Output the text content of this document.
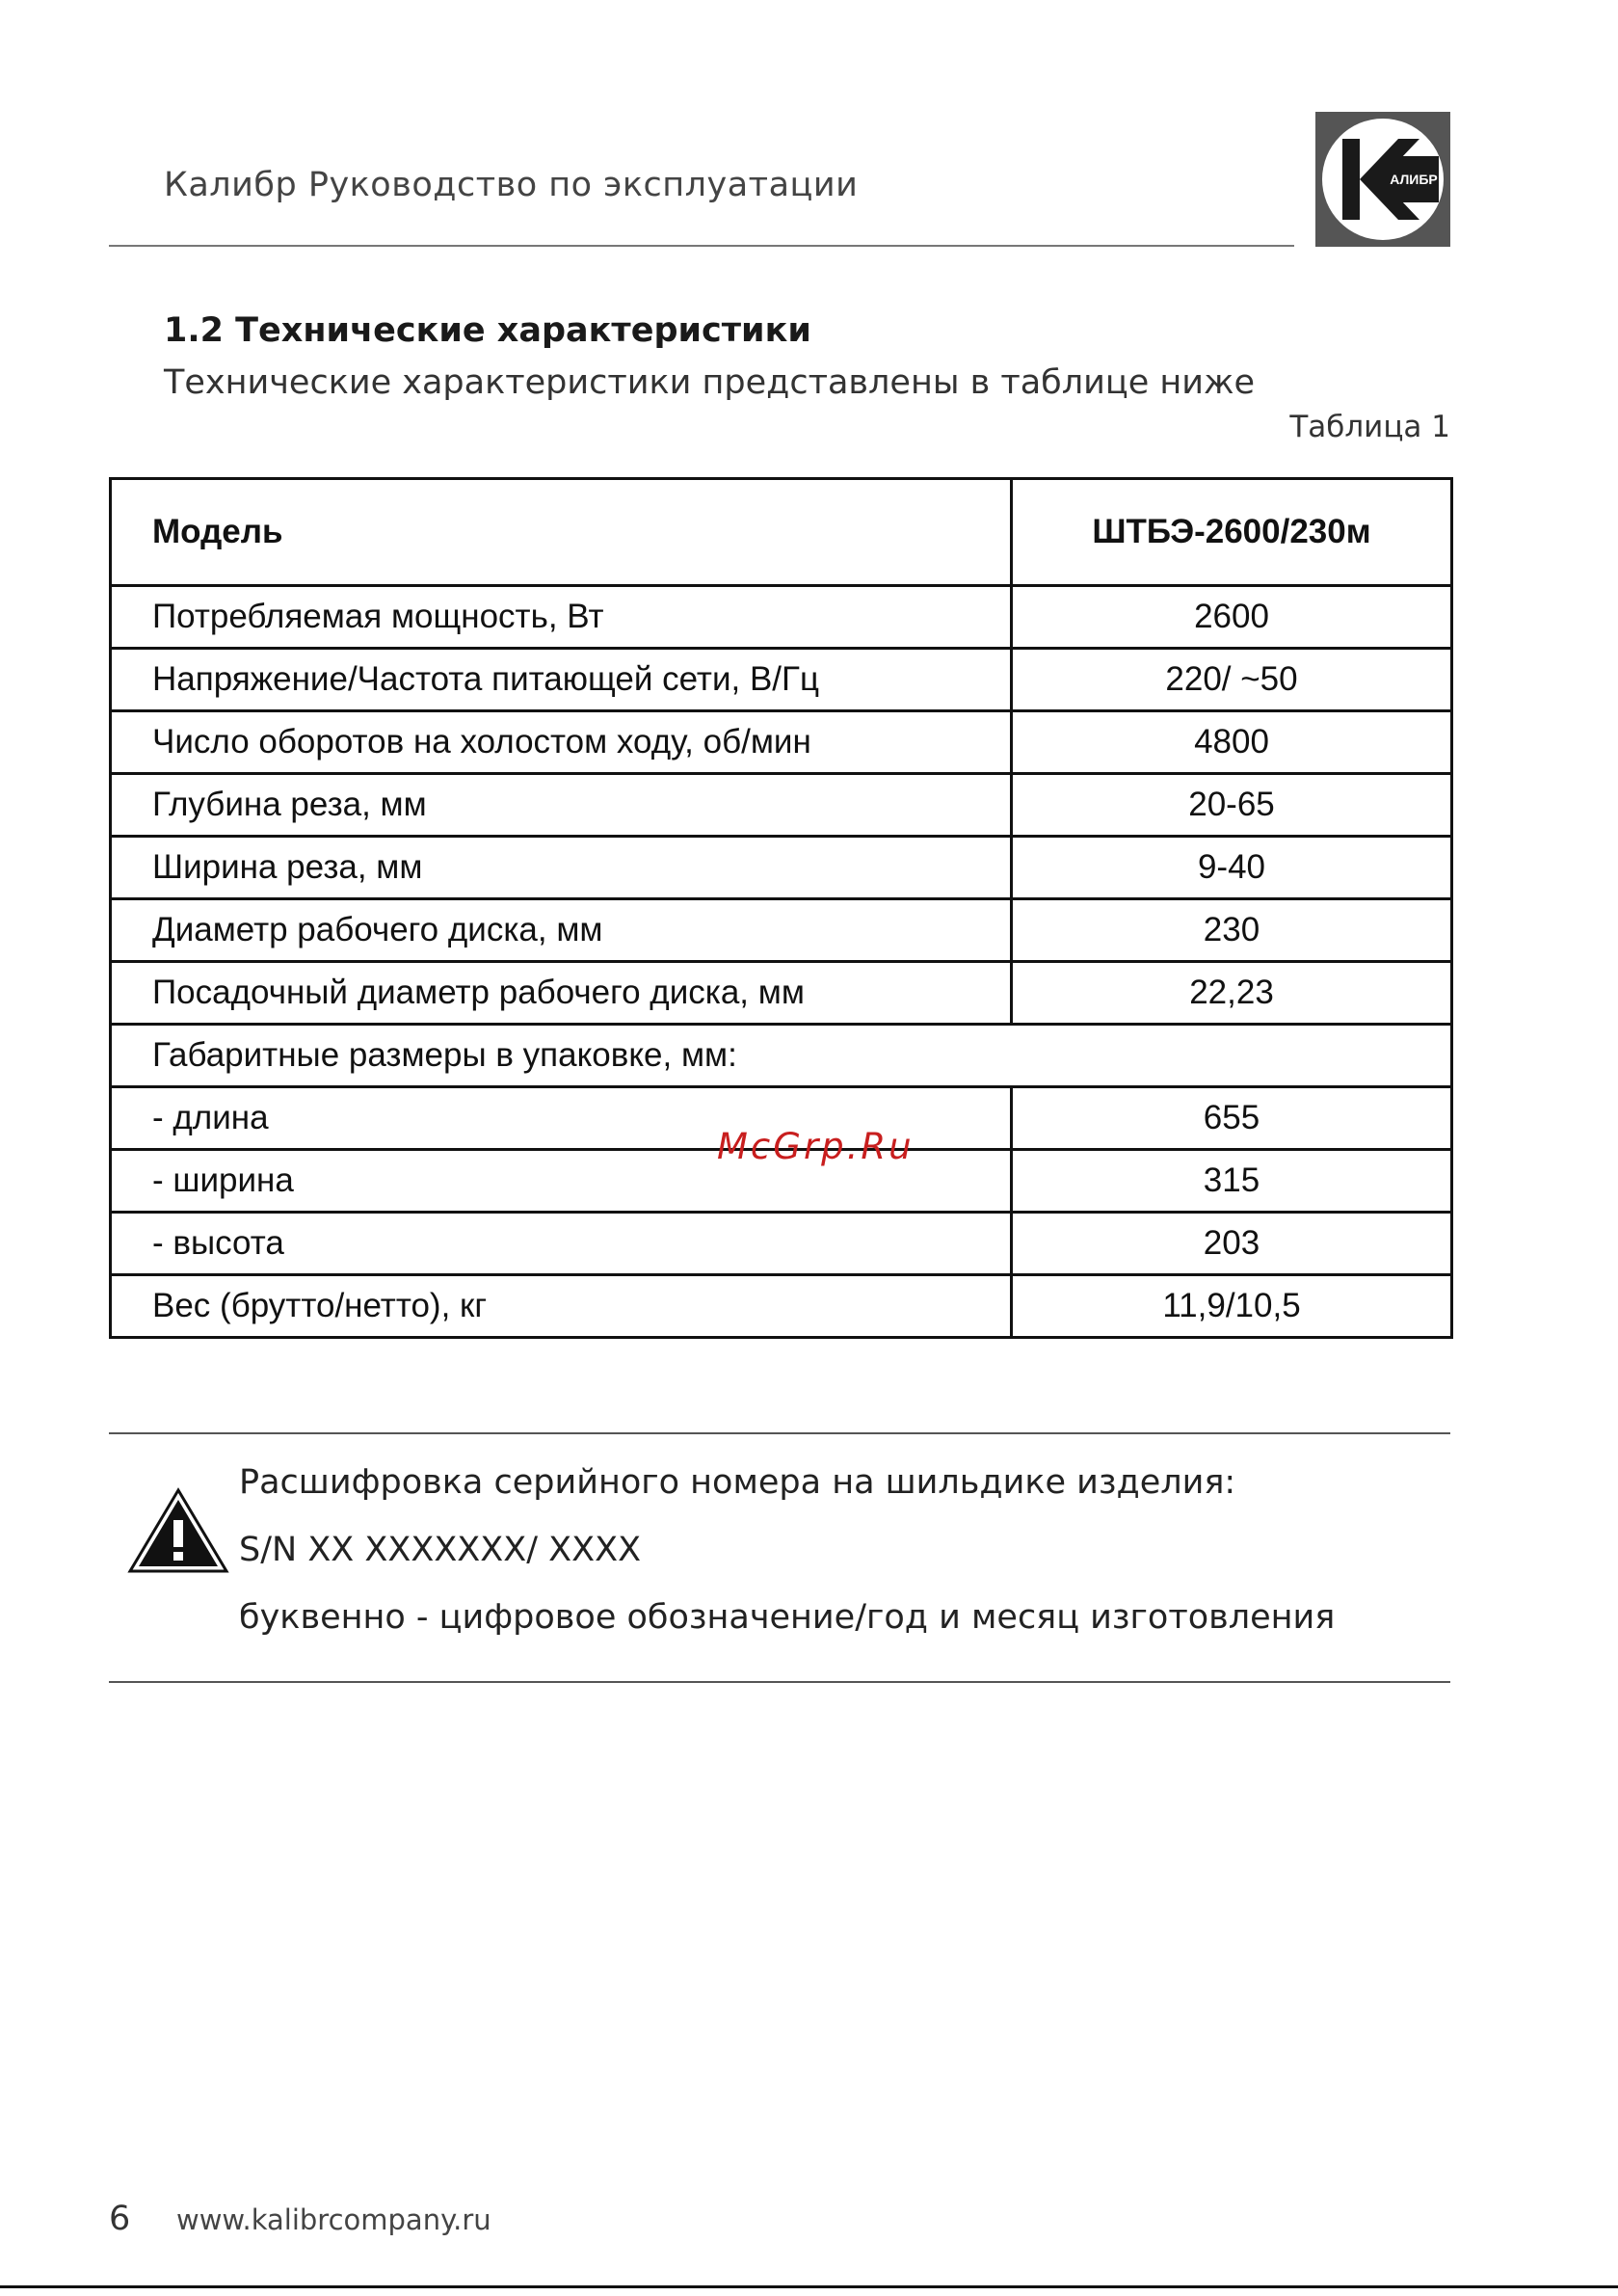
Калибр Руководство по эксплуатации	АЛИБР
1.2 Технические характеристики
Технические характеристики представлены в таблице ниже
Таблица 1
Модель	ШТБЭ-2600/230м
Потребляемая мощность, Вт	2600
Напряжение/Частота питающей сети, В/Гц	220/ ~50
Число оборотов на холостом ходу, об/мин	4800
Глубина реза, мм	20-65
Ширина реза, мм	9-40
Диаметр рабочего диска, мм	230
Посадочный диаметр рабочего диска, мм	22,23
Габаритные размеры в упаковке, мм:	
- длина	655
- ширина	315
- высота	203
Вес (брутто/нетто), кг	11,9/10,5
McGrp.Ru
Расшифровка серийного номера на шильдике изделия:
S/N XX XXXXXXX/ XXXX
буквенно - цифровое обозначение/год и месяц изготовления
6 www.kalibrcompany.ru
